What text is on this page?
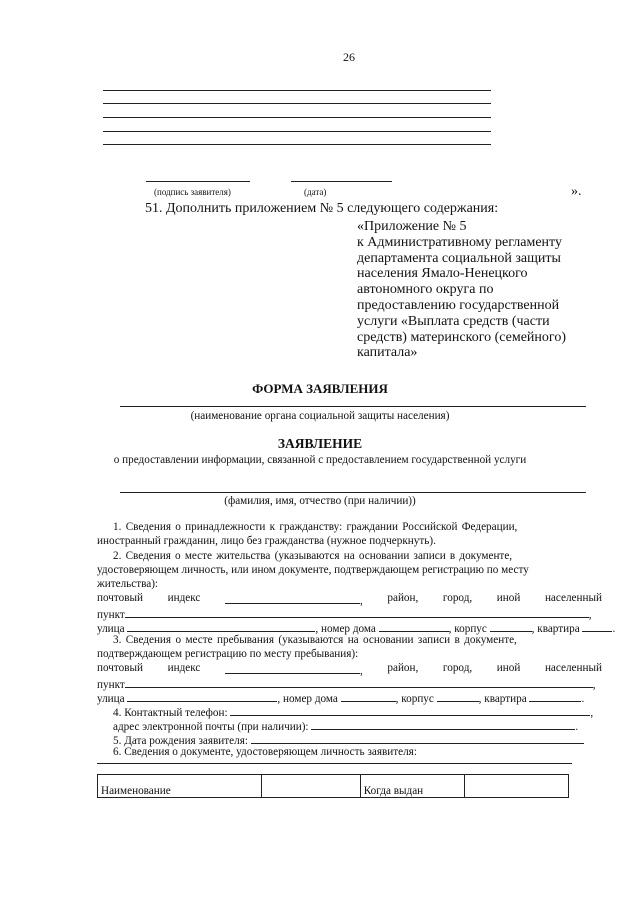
26
(подпись заявителя)	(дата)	».
51. Дополнить приложением № 5 следующего содержания:
«Приложение № 5
к Административному регламенту
департамента социальной защиты
населения Ямало-Ненецкого
автономного округа по
предоставлению государственной
услуги «Выплата средств (части
средств) материнского (семейного)
капитала»
ФОРМА ЗАЯВЛЕНИЯ
(наименование органа социальной защиты населения)
ЗАЯВЛЕНИЕ
о предоставлении информации, связанной с предоставлением государственной услуги
(фамилия, имя, отчество (при наличии))
1. Сведения о принадлежности к гражданству: граждании Российской Федерации,
иностранный гражданин, лицо без гражданства (нужное подчеркнуть).
2. Сведения о месте жительства (указываются на основании записи в документе,
удостоверяющем личность, или ином документе, подтверждающем регистрацию по месту
жительства):
почтовый индекс	, район, город, иной населенный
пункт	,
улица	, номер дома	, корпус	, квартира	.
3. Сведения о месте пребывания (указываются на основании записи в документе,
подтверждающем регистрацию по месту пребывания):
почтовый индекс	, район, город, иной населенный
пункт	,
улица	, номер дома	, корпус	, квартира	.
4. Контактный телефон:	,
адрес электронной почты (при наличии):	.
5. Дата рождения заявителя:
6. Сведения о документе, удостоверяющем личность заявителя:
Наименование		Когда выдан	
